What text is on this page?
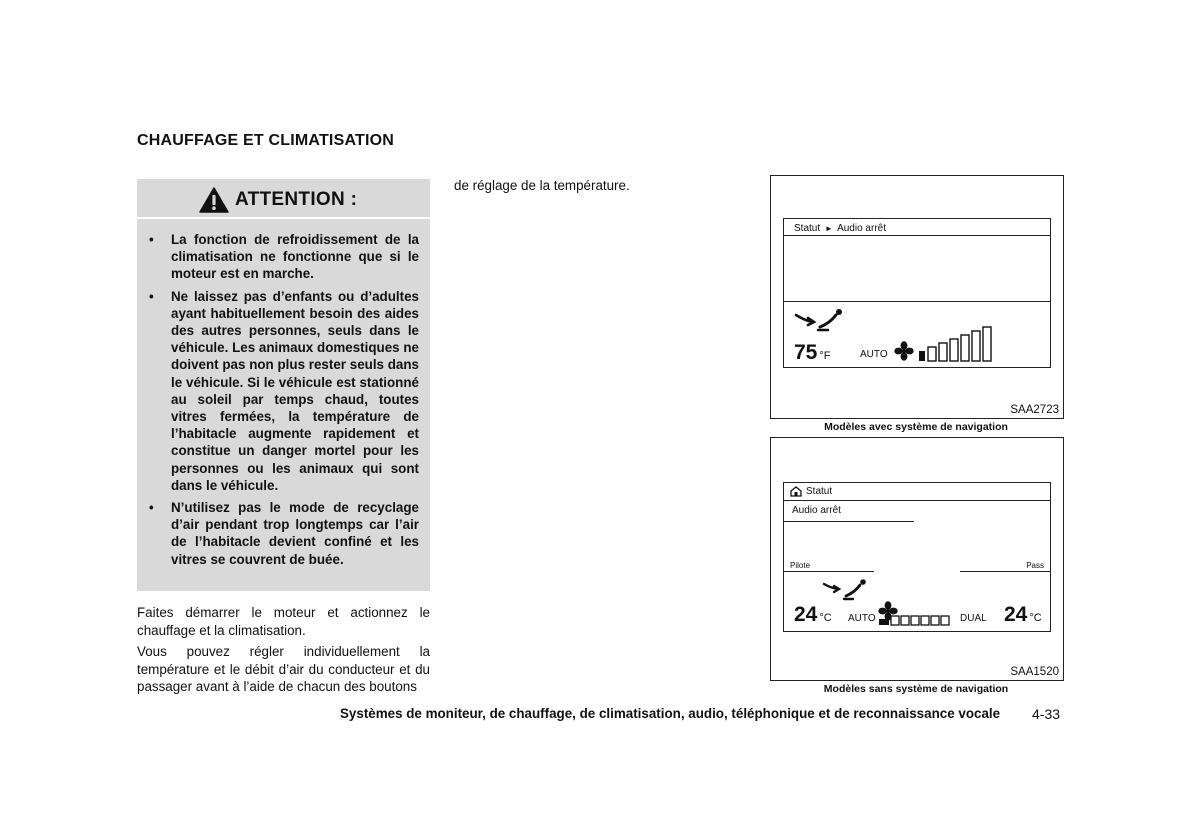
CHAUFFAGE ET CLIMATISATION
ATTENTION :
• La fonction de refroidissement de la climatisation ne fonctionne que si le moteur est en marche.
• Ne laissez pas d’enfants ou d’adultes ayant habituellement besoin des aides des autres personnes, seuls dans le véhicule. Les animaux domestiques ne doivent pas non plus rester seuls dans le véhicule. Si le véhicule est stationné au soleil par temps chaud, toutes vitres fermées, la température de l’habitacle augmente rapidement et constitue un danger mortel pour les personnes ou les animaux qui sont dans le véhicule.
• N’utilisez pas le mode de recyclage d’air pendant trop longtemps car l’air de l’habitacle devient confiné et les vitres se couvrent de buée.
Faites démarrer le moteur et actionnez le chauffage et la climatisation.
Vous pouvez régler individuellement la température et le débit d’air du conducteur et du passager avant à l’aide de chacun des boutons
de réglage de la température.
Statut ► Audio arrêt
75 °F	AUTO
SAA2723
Modèles avec système de navigation
Statut
Audio arrêt
Pilote	Pass
24 °C AUTO	DUAL 24 °C
SAA1520
Modèles sans système de navigation
Systèmes de moniteur, de chauffage, de climatisation, audio, téléphonique et de reconnaissance vocale 4-33
